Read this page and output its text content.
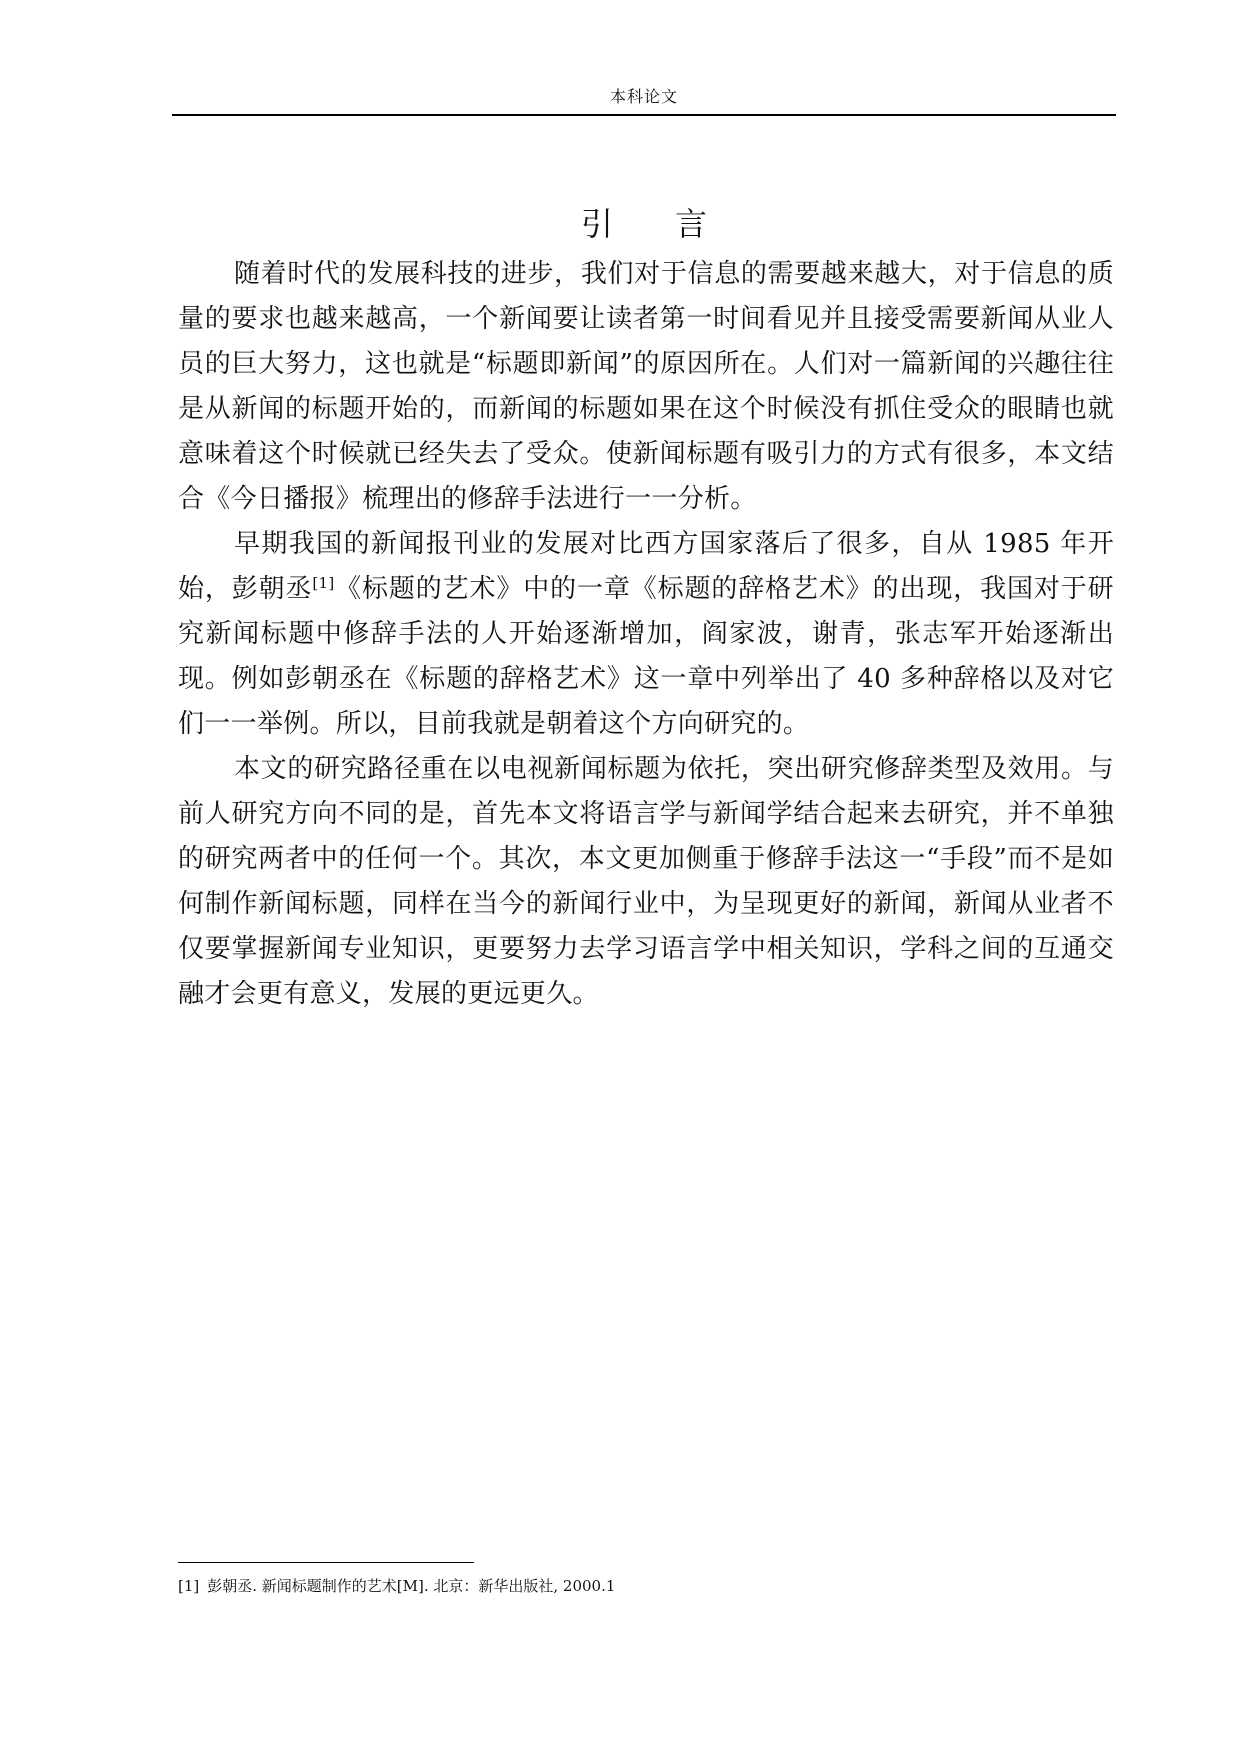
本科论文
引言

随着时代的发展科技的进步，我们对于信息的需要越来越大，对于信息的质量的要求也越来越高，一个新闻要让读者第一时间看见并且接受需要新闻从业人员的巨大努力，这也就是“标题即新闻”的原因所在。人们对一篇新闻的兴趣往往是从新闻的标题开始的，而新闻的标题如果在这个时候没有抓住受众的眼睛也就意味着这个时候就已经失去了受众。使新闻标题有吸引力的方式有很多，本文结合《今日播报》梳理出的修辞手法进行一一分析。

早期我国的新闻报刊业的发展对比西方国家落后了很多，自从 1985 年开始，彭朝丞[1]《标题的艺术》中的一章《标题的辞格艺术》的出现，我国对于研究新闻标题中修辞手法的人开始逐渐增加，阎家波，谢青，张志军开始逐渐出现。例如彭朝丞在《标题的辞格艺术》这一章中列举出了 40 多种辞格以及对它们一一举例。所以，目前我就是朝着这个方向研究的。

本文的研究路径重在以电视新闻标题为依托，突出研究修辞类型及效用。与前人研究方向不同的是，首先本文将语言学与新闻学结合起来去研究，并不单独的研究两者中的任何一个。其次，本文更加侧重于修辞手法这一“手段”而不是如何制作新闻标题，同样在当今的新闻行业中，为呈现更好的新闻，新闻从业者不仅要掌握新闻专业知识，更要努力去学习语言学中相关知识，学科之间的互通交融才会更有意义，发展的更远更久。

[1] 彭朝丞. 新闻标题制作的艺术[M]. 北京：新华出版社, 2000.1
